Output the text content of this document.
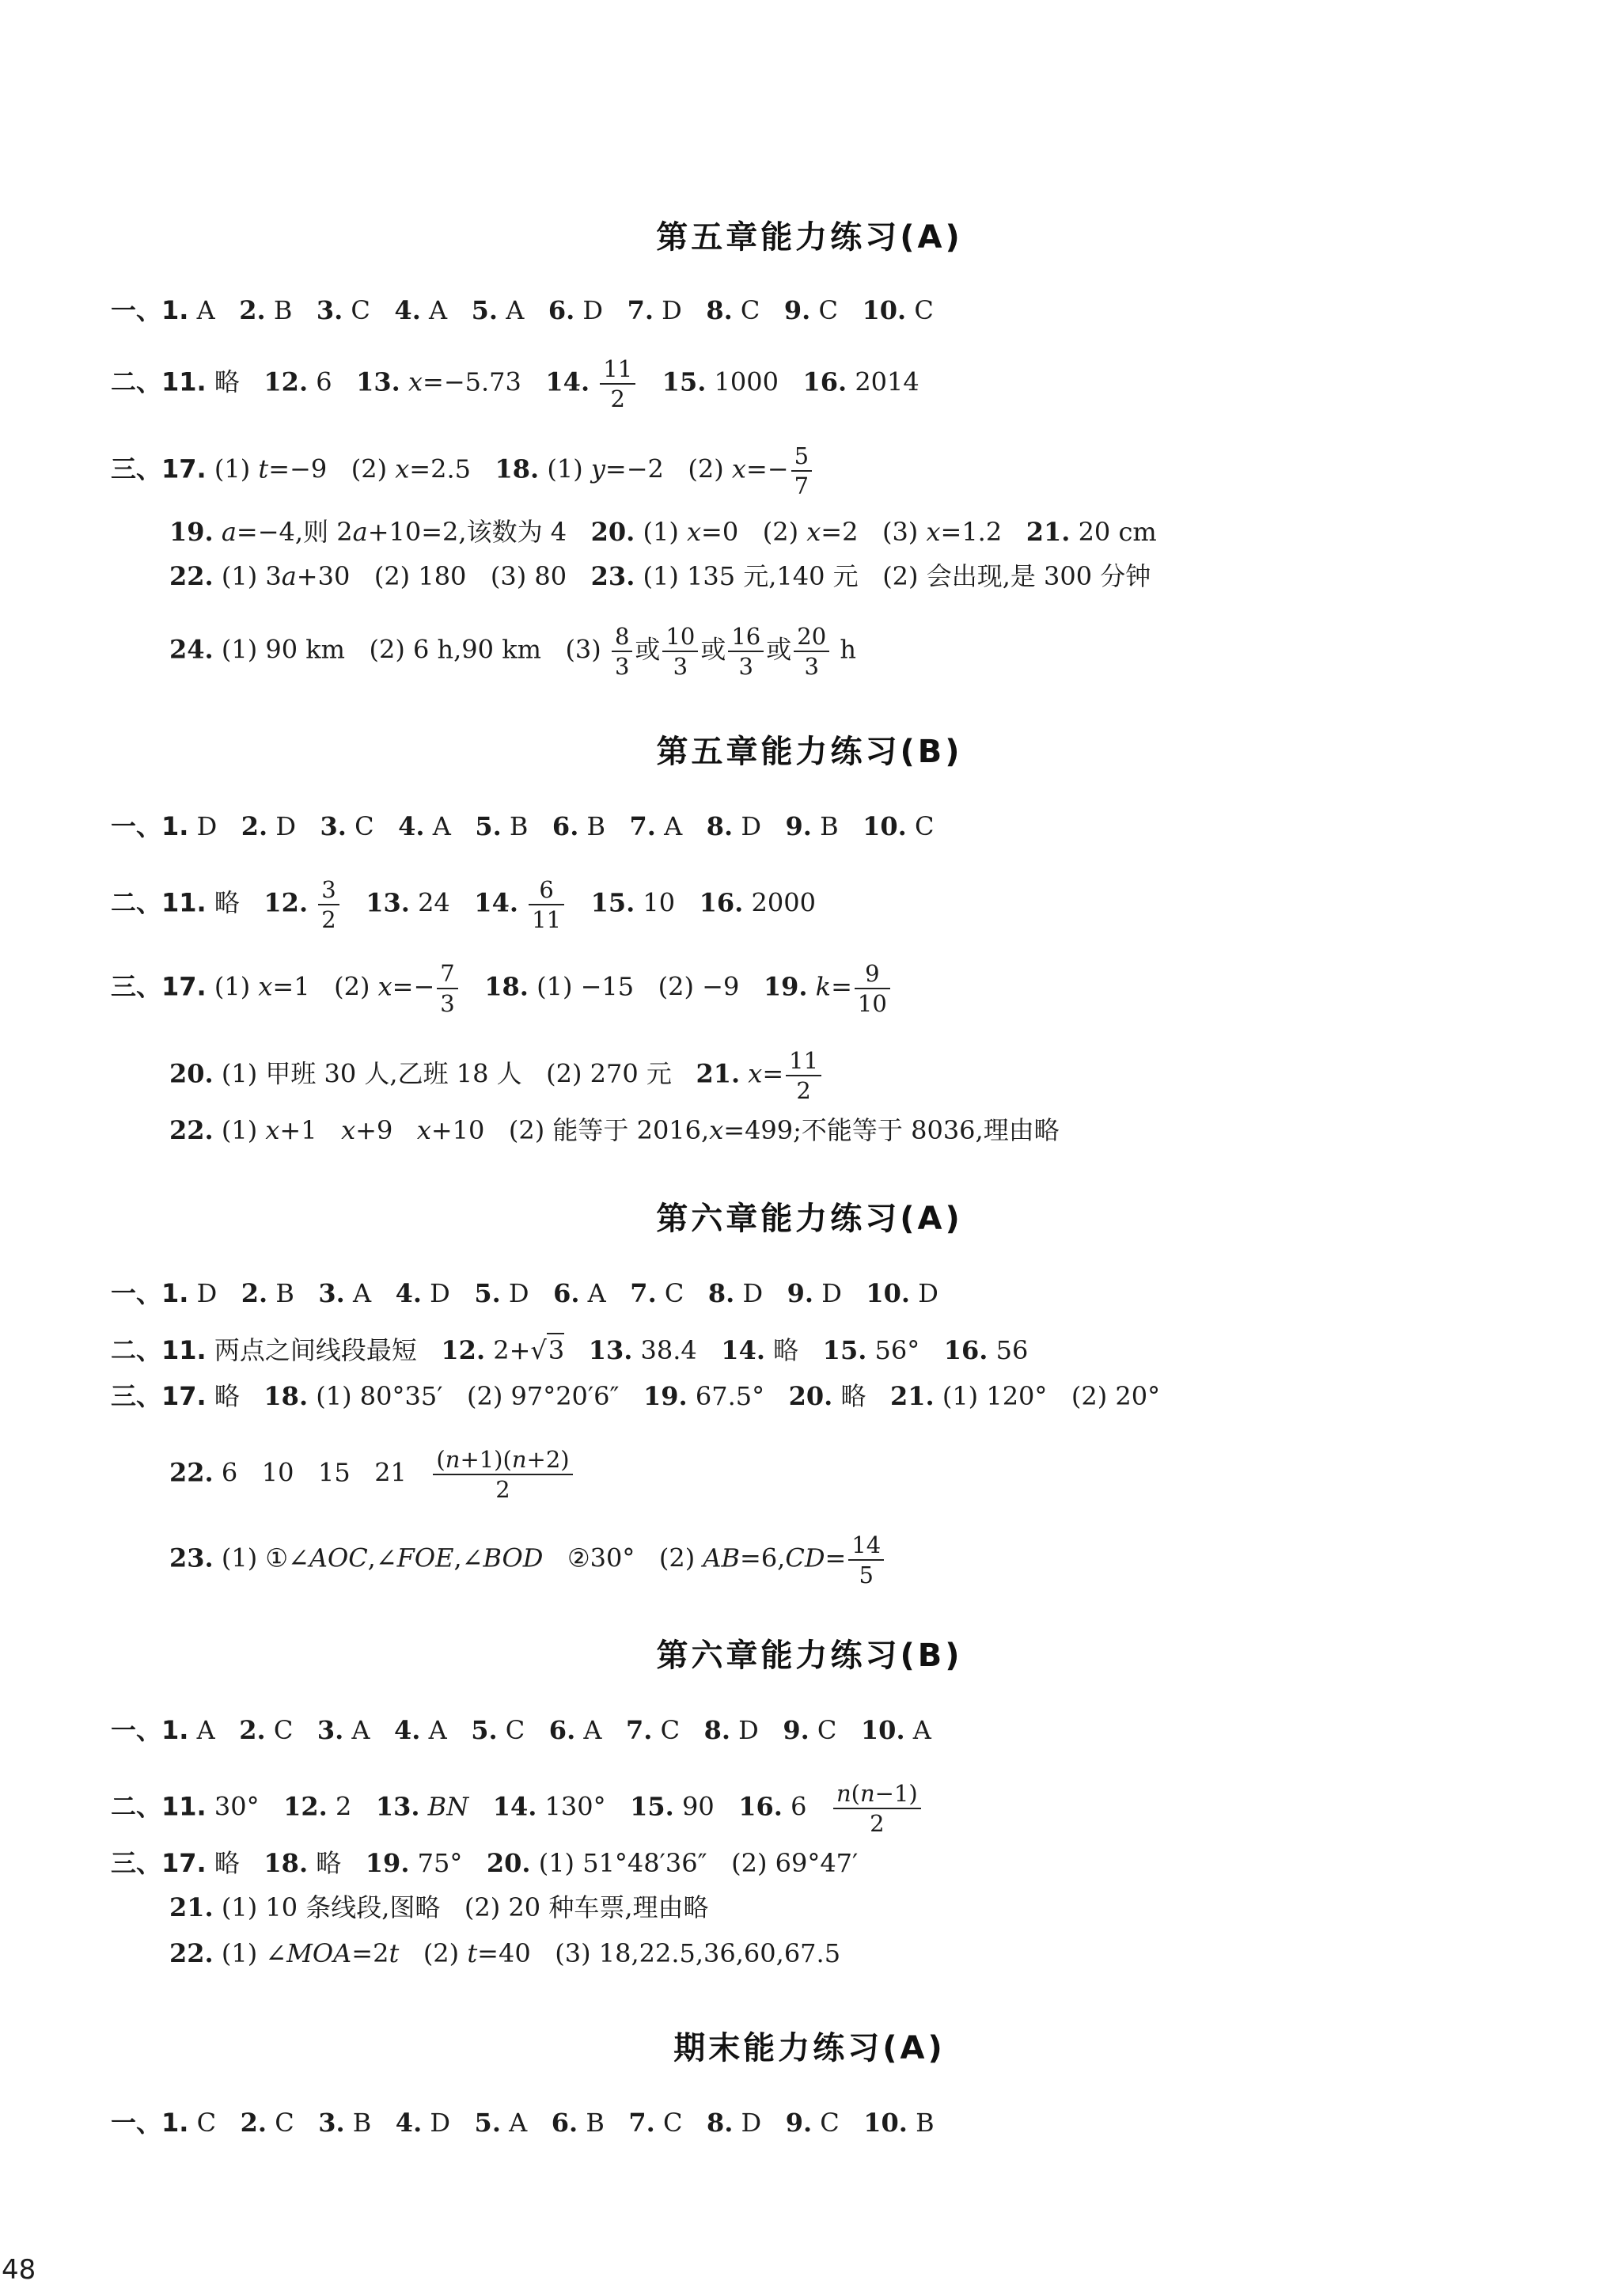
第五章能力练习(A)
一、1. A   2. B   3. C   4. A   5. A   6. D   7. D   8. C   9. C   10. C
二、11. 略   12. 6   13. x=−5.73   14. $\frac{11}{2} 15$. 1000   16. 2014
三、17. (1) t=−9   (2) x=2.5   18. (1) y=−2   (2) $x=- \frac{5}{7}$
19. a=−4,则 2a+10=2,该数为 4   20. (1) x=0   (2) x=2   (3) x=1.2   21. 20 cm
22. (1) 3a+30   (2) 180   (3) 80   23. (1) 135 元,140 元   (2) 会出现,是 300 分钟
24. (1) 90 km   (2) 6 h,90 km   $(3) \frac{8}{3}$ 或 $\frac{10}{3}$ 或 $\frac{16}{3}$ 或 $\frac{20}{3}$ h
第五章能力练习(B)
一、1. D   2. D   3. C   4. A   5. B   6. B   7. A   8. D   9. B   10. C
二、11. 略   12. $\frac{3}{2} 13$. 24   14. $\frac{6}{11} 15$. 10   16. 2000
三、17. (1) x=1   (2) $x=- \frac{7}{3} 18$. (1) −15   (2) −9   19. $k= \frac{9}{10}$
20. (1) 甲班 30 人,乙班 18 人   (2) 270 元   21. $x= \frac{11}{2}$
22. (1) x+1   x+9   x+10   (2) 能等于 2016,x=499;不能等于 8036,理由略
第六章能力练习(A)
一、1. D   2. B   3. A   4. D   5. D   6. A   7. C   8. D   9. D   10. D
二、11. 两点之间线段最短   12. 2+√3 13. 38.4   14. 略   15. 56°   16. 56
三、17. 略   18. (1) 80°35′   (2) 97°20′6″   19. 67.5°   20. 略   21. (1) 120°   (2) 20°
22. 6   10   15   $21 \frac{(n+1)(n+2)}{2}$
23. (1) ①∠AOC,∠FOE,∠BOD   ②30°   (2) $AB=6,CD= \frac{14}{5}$
第六章能力练习(B)
一、1. A   2. C   3. A   4. A   5. C   6. A   7. C   8. D   9. C   10. A
二、11. 30°   12. 2   13. BN 14. 130°   15. 90   16. $6 \frac{n(n-1)}{2}$
三、17. 略   18. 略   19. 75°   20. (1) 51°48′36″   (2) 69°47′
21. (1) 10 条线段,图略   (2) 20 种车票,理由略
22. (1) ∠MOA=2t   (2) t=40   (3) 18,22.5,36,60,67.5
期末能力练习(A)
一、1. C   2. C   3. B   4. D   5. A   6. B   7. C   8. D   9. C   10. B
48
